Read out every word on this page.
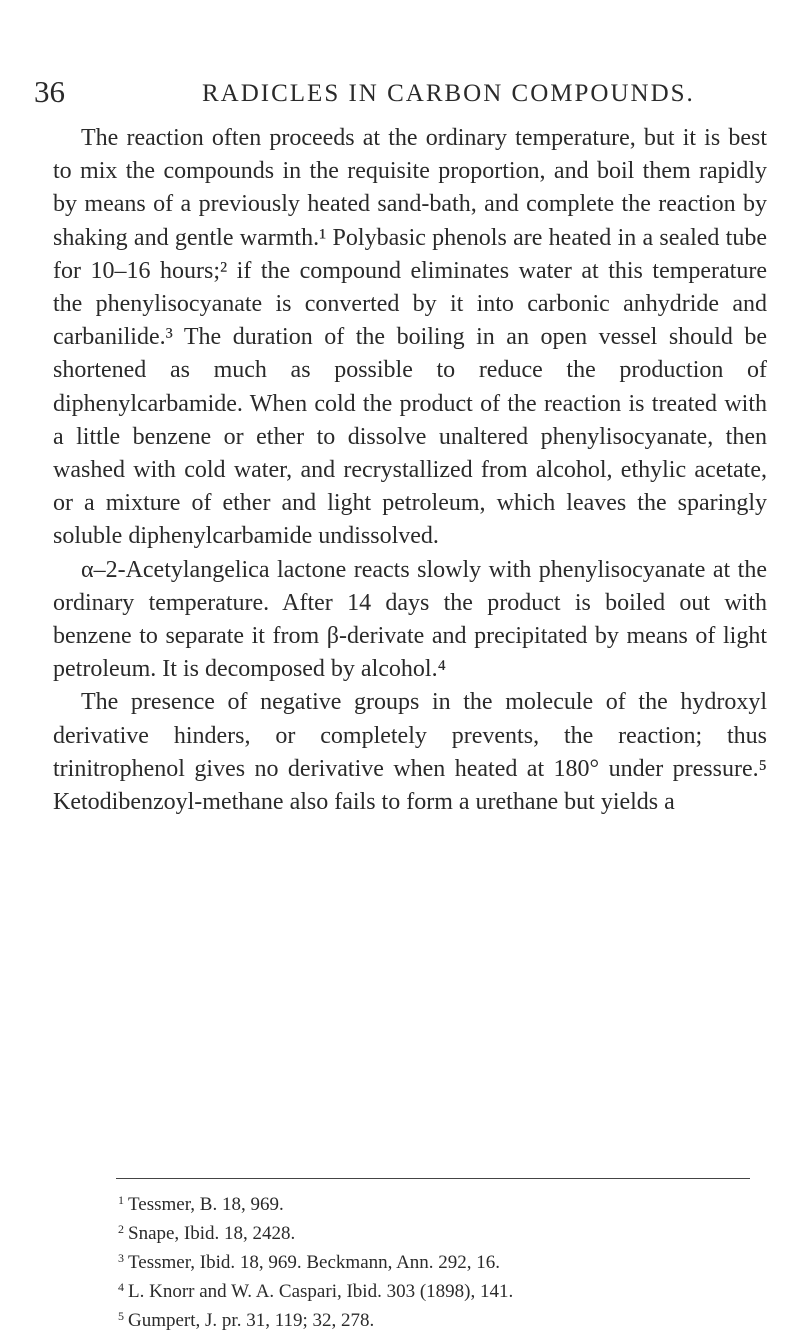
36	RADICLES IN CARBON COMPOUNDS.

The reaction often proceeds at the ordinary temperature, but it is best to mix the compounds in the requisite proportion, and boil them rapidly by means of a previously heated sand-bath, and complete the reaction by shaking and gentle warmth.¹ Polybasic phenols are heated in a sealed tube for 10–16 hours;² if the compound eliminates water at this temperature the phenylisocyanate is converted by it into carbonic anhydride and carbanilide.³ The duration of the boiling in an open vessel should be shortened as much as possible to reduce the production of diphenylcarbamide. When cold the product of the reaction is treated with a little benzene or ether to dissolve unaltered phenylisocyanate, then washed with cold water, and recrystallized from alcohol, ethylic acetate, or a mixture of ether and light petroleum, which leaves the sparingly soluble diphenylcarbamide undissolved.

α–2-Acetylangelica lactone reacts slowly with phenylisocyanate at the ordinary temperature. After 14 days the product is boiled out with benzene to separate it from β-derivate and precipitated by means of light petroleum. It is decomposed by alcohol.⁴

The presence of negative groups in the molecule of the hydroxyl derivative hinders, or completely prevents, the reaction; thus trinitrophenol gives no derivative when heated at 180° under pressure.⁵ Ketodibenzoyl-methane also fails to form a urethane but yields a

$^1$ Tessmer, B. 18, 969.
$^2$ Snape, Ibid. 18, 2428.
$^3$ Tessmer, Ibid. 18, 969. Beckmann, Ann. 292, 16.
$^4$ L. Knorr and W. A. Caspari, Ibid. 303 (1898), 141.
$^5$ Gumpert, J. pr. 31, 119; 32, 278.
